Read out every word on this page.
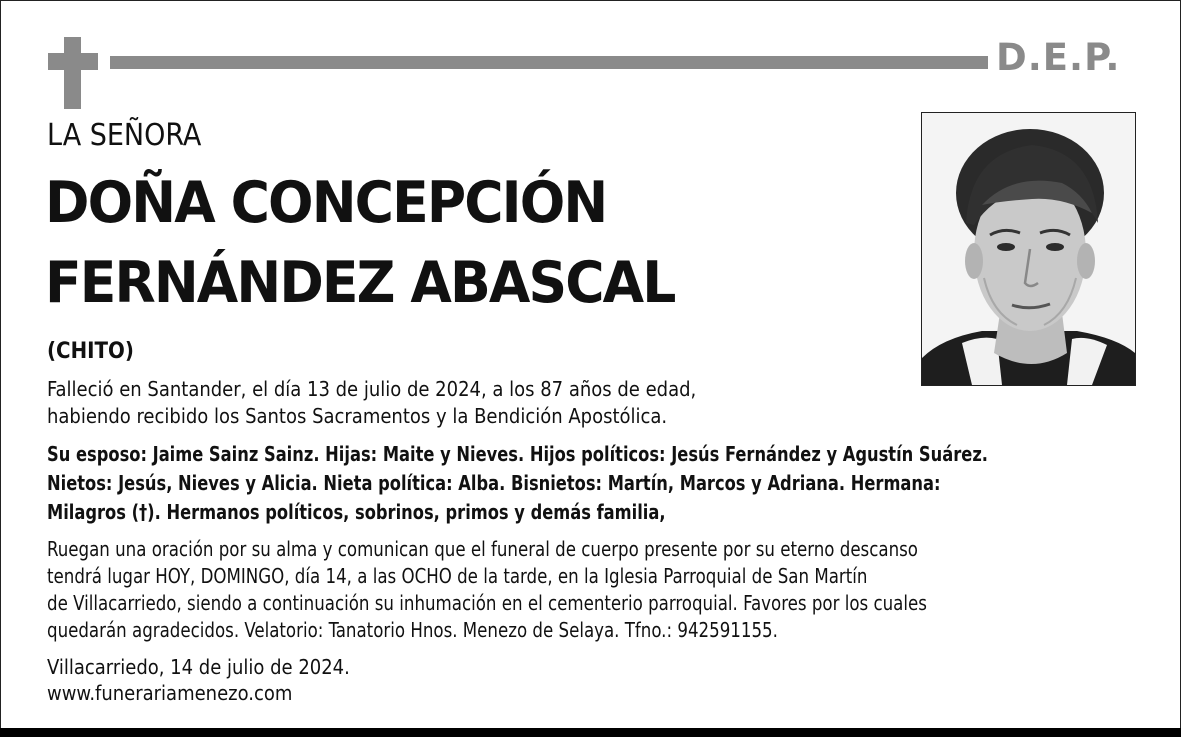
D.E.P.
LA SEÑORA
DOÑA CONCEPCIÓN
FERNÁNDEZ ABASCAL
(CHITO)
Falleció en Santander, el día 13 de julio de 2024, a los 87 años de edad,
habiendo recibido los Santos Sacramentos y la Bendición Apostólica.
Su esposo: Jaime Sainz Sainz. Hijas: Maite y Nieves. Hijos políticos: Jesús Fernández y Agustín Suárez.
Nietos: Jesús, Nieves y Alicia. Nieta política: Alba. Bisnietos: Martín, Marcos y Adriana. Hermana:
Milagros (†). Hermanos políticos, sobrinos, primos y demás familia,
Ruegan una oración por su alma y comunican que el funeral de cuerpo presente por su eterno descanso
tendrá lugar HOY, DOMINGO, día 14, a las OCHO de la tarde, en la Iglesia Parroquial de San Martín
de Villacarriedo, siendo a continuación su inhumación en el cementerio parroquial. Favores por los cuales
quedarán agradecidos. Velatorio: Tanatorio Hnos. Menezo de Selaya. Tfno.: 942591155.
Villacarriedo, 14 de julio de 2024.
www.funerariamenezo.com
